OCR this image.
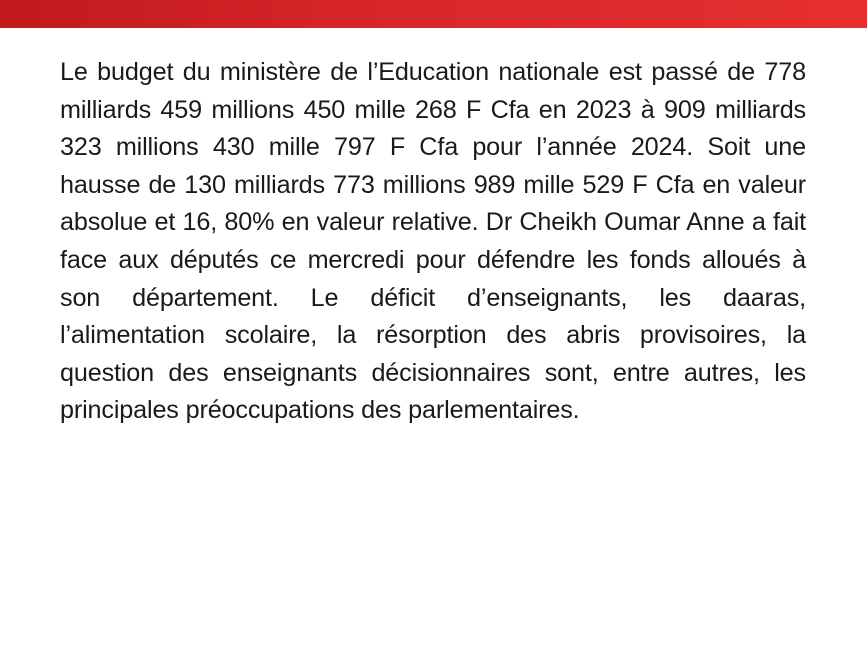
Le budget du ministère de l’Education nationale est passé de 778 milliards 459 millions 450 mille 268 F Cfa en 2023 à 909 milliards 323 millions 430 mille 797 F Cfa pour l’année 2024. Soit une hausse de 130 milliards 773 millions 989 mille 529 F Cfa en valeur absolue et 16, 80% en valeur relative. Dr Cheikh Oumar Anne a fait face aux députés ce mercredi pour défendre les fonds alloués à son département. Le déficit d’enseignants, les daaras, l’alimentation scolaire, la résorption des abris provisoires, la question des enseignants décisionnaires sont, entre autres, les principales préoccupations des parlementaires.
